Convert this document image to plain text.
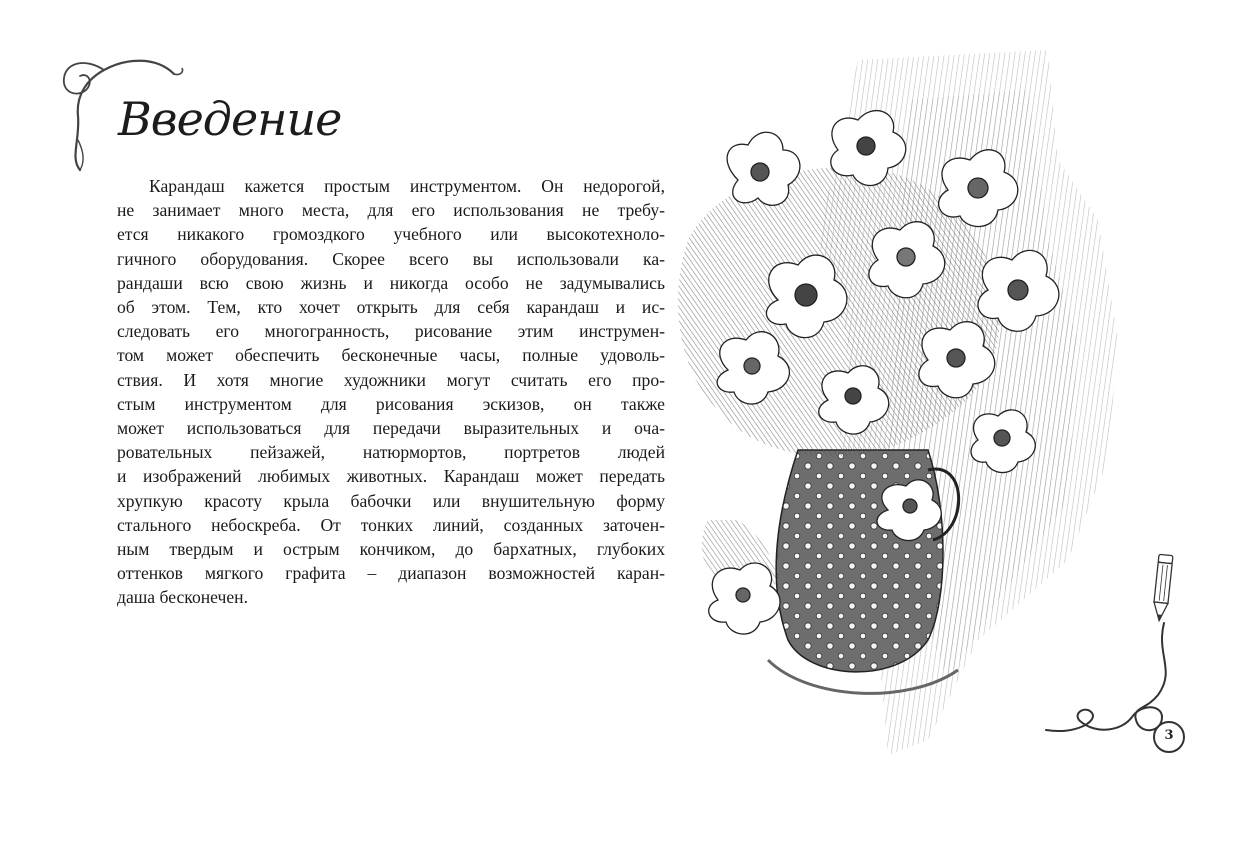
Введение

Карандаш кажется простым инструментом. Он недорогой,
не занимает много места, для его использования не требу-
ется никакого громоздкого учебного или высокотехноло-
гичного оборудования. Скорее всего вы использовали ка-
рандаши всю свою жизнь и никогда особо не задумывались
об этом. Тем, кто хочет открыть для себя карандаш и ис-
следовать его многогранность, рисование этим инструмен-
том может обеспечить бесконечные часы, полные удоволь-
ствия. И хотя многие художники могут считать его про-
стым инструментом для рисования эскизов, он также
может использоваться для передачи выразительных и оча-
ровательных пейзажей, натюрмортов, портретов людей
и изображений любимых животных. Карандаш может передать
хрупкую красоту крыла бабочки или внушительную форму
стального небоскреба. От тонких линий, созданных заточен-
ным твердым и острым кончиком, до бархатных, глубоких
оттенков мягкого графита – диапазон возможностей каран-
даша бесконечен.

3
